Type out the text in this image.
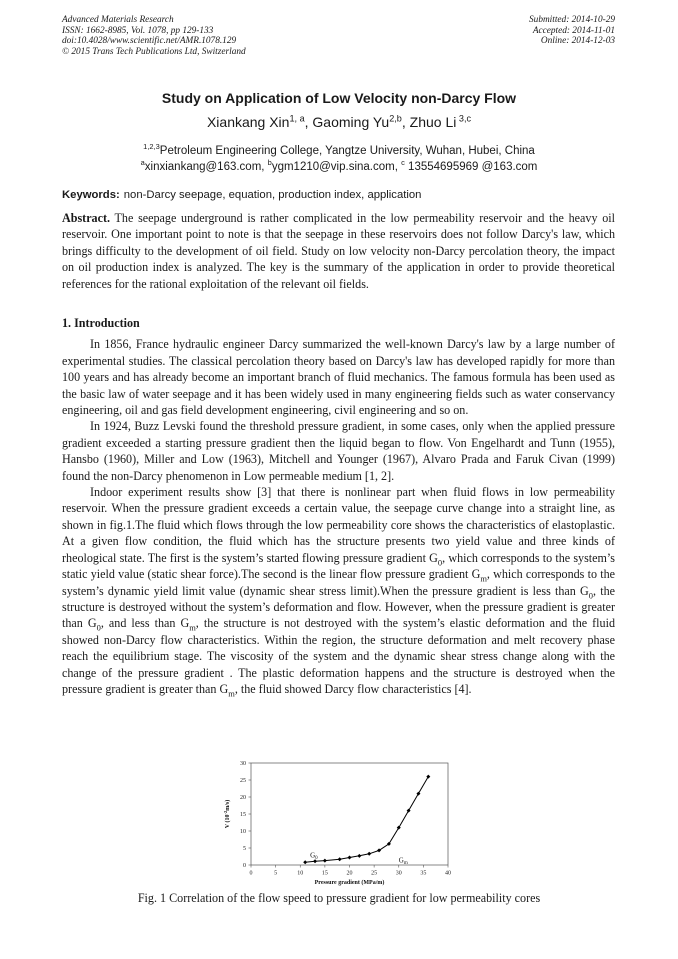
Advanced Materials Research
ISSN: 1662-8985, Vol. 1078, pp 129-133
doi:10.4028/www.scientific.net/AMR.1078.129
© 2015 Trans Tech Publications Ltd, Switzerland
Submitted: 2014-10-29
Accepted: 2014-11-01
Online: 2014-12-03
Study on Application of Low Velocity non-Darcy Flow
Xiankang Xin$^{1, a}$, Gaoming Yu$^{2,b}$, Zhuo Li $^{3,c}$
$^{1,2,3}$Petroleum Engineering College, Yangtze University, Wuhan, Hubei, China
$^a$xinxiankang@163.com, $^b$ygm1210@vip.sina.com, $^c$ 13554695969 @163.com
Keywords: non-Darcy seepage, equation, production index, application

Abstract. The seepage underground is rather complicated in the low permeability reservoir and the heavy oil reservoir. One important point to note is that the seepage in these reservoirs does not follow Darcy's law, which brings difficulty to the development of oil field. Study on low velocity non-Darcy percolation theory, the impact on oil production index is analyzed. The key is the summary of the application in order to provide theoretical references for the rational exploitation of the relevant oil fields.

1. Introduction

In 1856, France hydraulic engineer Darcy summarized the well-known Darcy's law by a large number of experimental studies. The classical percolation theory based on Darcy's law has developed rapidly for more than 100 years and has already become an important branch of fluid mechanics. The famous formula has been used as the basic law of water seepage and it has been widely used in many engineering fields such as water conservancy engineering, oil and gas field development engineering, civil engineering and so on.

In 1924, Buzz Levski found the threshold pressure gradient, in some cases, only when the applied pressure gradient exceeded a starting pressure gradient then the liquid began to flow. Von Engelhardt and Tunn (1955), Hansbo (1960), Miller and Low (1963), Mitchell and Younger (1967), Alvaro Prada and Faruk Civan (1999) found the non-Darcy phenomenon in Low permeable medium [1, 2].

Indoor experiment results show [3] that there is nonlinear part when fluid flows in low permeability reservoir. When the pressure gradient exceeds a certain value, the seepage curve change into a straight line, as shown in fig.1.The fluid which flows through the low permeability core shows the characteristics of elastoplastic. At a given flow condition, the fluid which has the structure presents two yield value and three kinds of rheological state. The first is the system’s started flowing pressure gradient $G_0$, which corresponds to the system’s static yield value (static shear force).The second is the linear flow pressure gradient $G_m$, which corresponds to the system’s dynamic yield limit value (dynamic shear stress limit).When the pressure gradient is less than $G_0$, the structure is destroyed without the system’s deformation and flow. However, when the pressure gradient is greater than $G_0$, and less than $G_m$, the structure is not destroyed with the system’s elastic deformation and the fluid showed non-Darcy flow characteristics. Within the region, the structure deformation and melt recovery phase reach the equilibrium stage. The viscosity of the system and the dynamic shear stress change along with the change of the pressure gradient . The plastic deformation happens and the structure is destroyed when the pressure gradient is greater than $G_m$, the fluid showed Darcy flow characteristics [4].

0	5	10	15	20	25	30	35	40
0
5
10
15
20
25
30
Pressure gradient (MPa/m)
V $(10^{-2}m/s)$
$G_0$	$G_m$
Fig. 1 Correlation of the flow speed to pressure gradient for low permeability cores
